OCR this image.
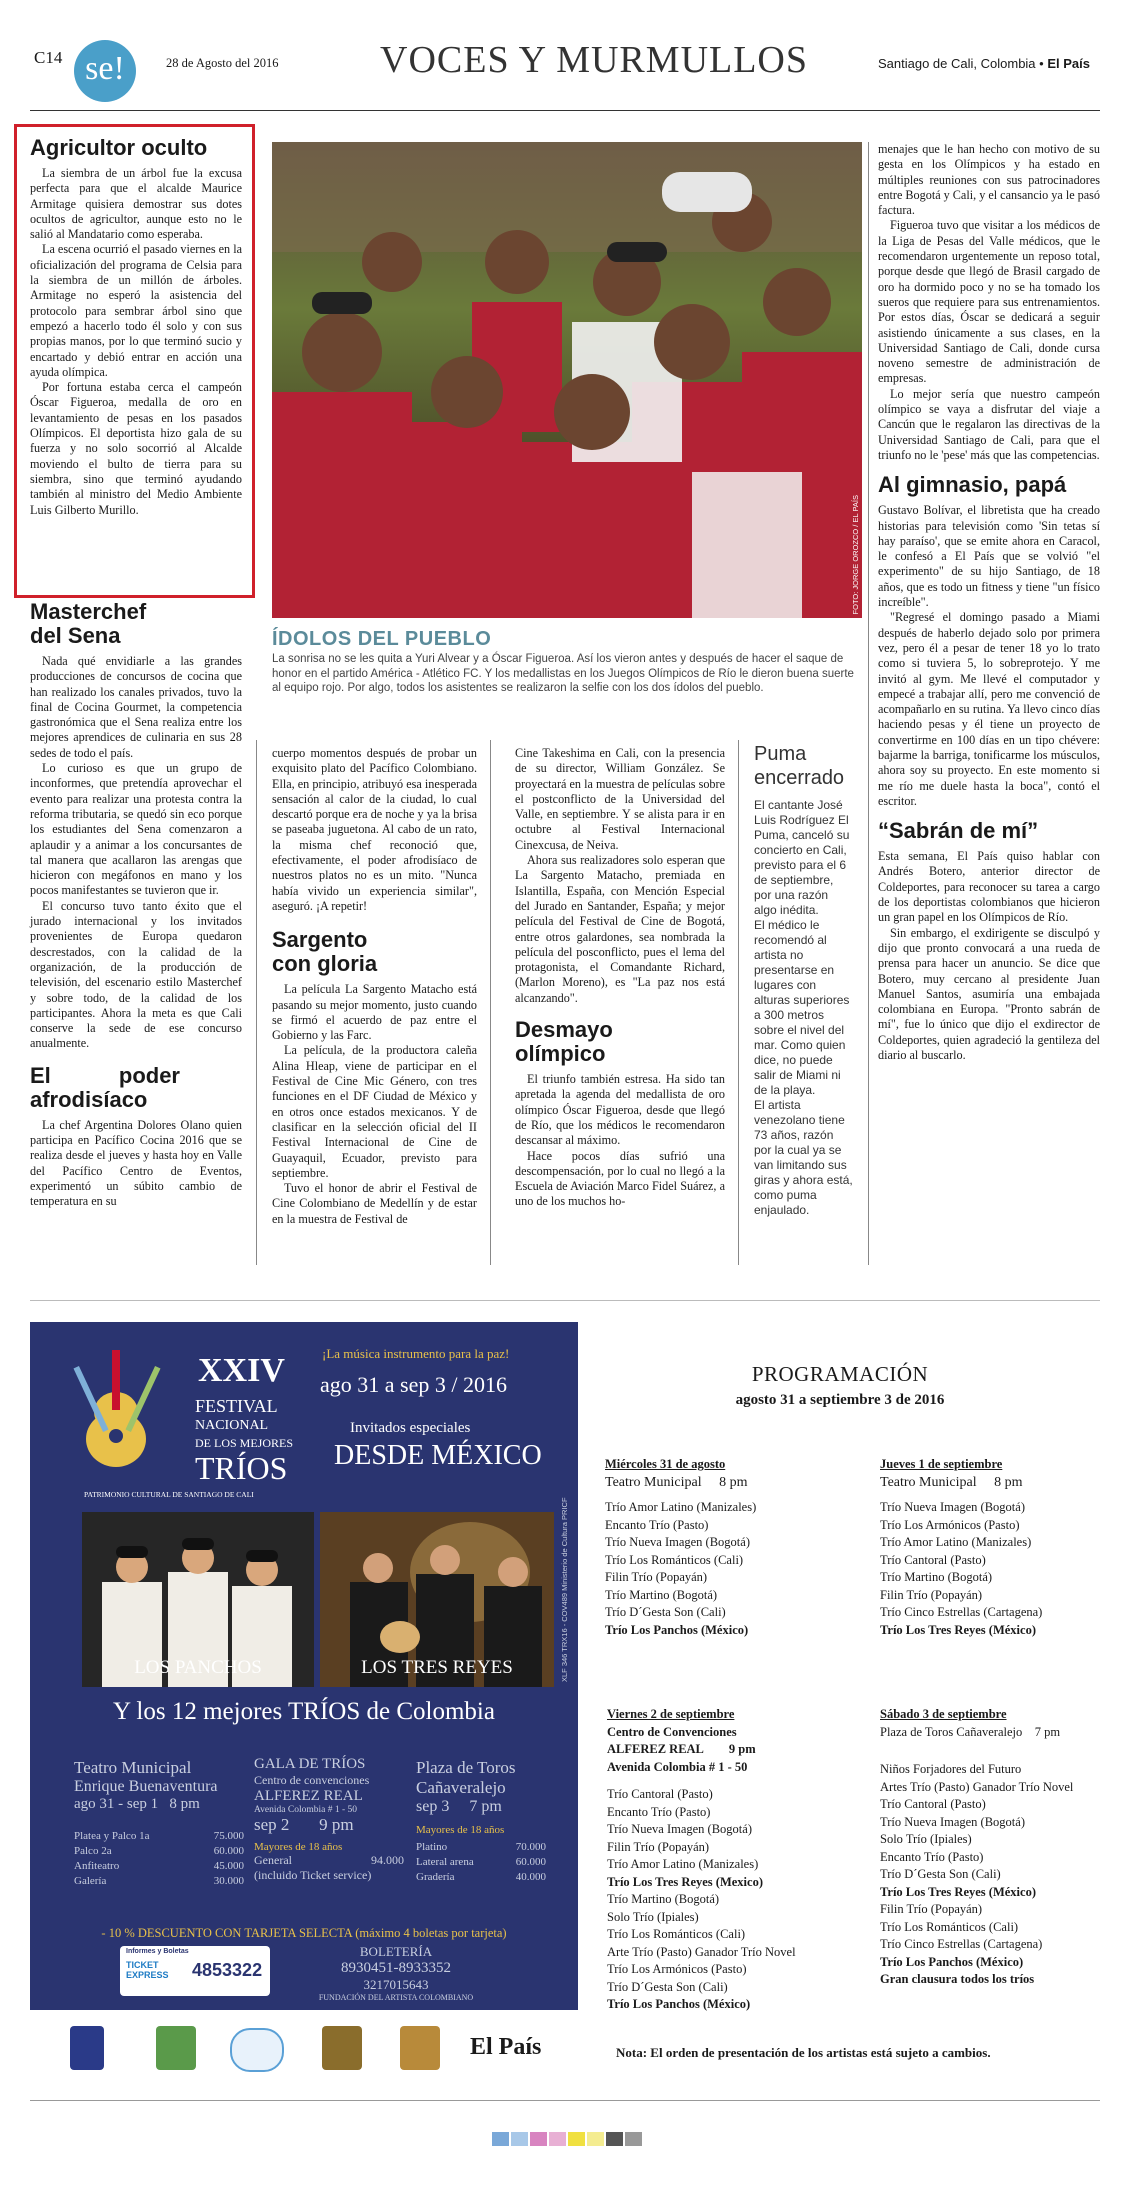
C14 se!	28 de Agosto del 2016	VOCES Y MURMULLOS	Santiago de Cali, Colombia • El País
Agricultor oculto

La siembra de un árbol fue la excusa perfecta para que el alcalde Maurice Armitage quisiera demostrar sus dotes ocultos de agricultor, aunque esto no le salió al Mandatario como esperaba.

La escena ocurrió el pasado viernes en la oficialización del programa de Celsia para la siembra de un millón de árboles. Armitage no esperó la asistencia del protocolo para sembrar árbol sino que empezó a hacerlo todo él solo y con sus propias manos, por lo que terminó sucio y encartado y debió entrar en acción una ayuda olímpica.

Por fortuna estaba cerca el campeón Óscar Figueroa, medalla de oro en levantamiento de pesas en los pasados Olímpicos. El deportista hizo gala de su fuerza y no solo socorrió al Alcalde moviendo el bulto de tierra para su siembra, sino que terminó ayudando también al ministro del Medio Ambiente Luis Gilberto Murillo.	FOTO: JORGE OROZCO / EL PAÍS
ÍDOLOS DEL PUEBLO
La sonrisa no se les quita a Yuri Alvear y a Óscar Figueroa. Así los vieron antes y después de hacer el saque de honor en el partido América - Atlético FC. Y los medallistas en los Juegos Olímpicos de Río le dieron buena suerte al equipo rojo. Por algo, todos los asistentes se realizaron la selfie con los dos ídolos del pueblo.
Masterchef del Sena

Nada qué envidiarle a las grandes producciones de concursos de cocina que han realizado los canales privados, tuvo la final de Cocina Gourmet, la competencia gastronómica que el Sena realiza entre los mejores aprendices de culinaria en sus 28 sedes de todo el país.

Lo curioso es que un grupo de inconformes, que pretendía aprovechar el evento para realizar una protesta contra la reforma tributaria, se quedó sin eco porque los estudiantes del Sena comenzaron a aplaudir y a animar a los concursantes de tal manera que acallaron las arengas que hicieron con megáfonos en mano y los pocos manifestantes se tuvieron que ir.

El concurso tuvo tanto éxito que el jurado internacional y los invitados provenientes de Europa quedaron descrestados, con la calidad de la organización, de la producción de televisión, del escenario estilo Masterchef y sobre todo, de la calidad de los participantes. Ahora la meta es que Cali conserve la sede de ese concurso anualmente.

El poder afrodisíaco

La chef Argentina Dolores Olano quien participa en Pacífico Cocina 2016 que se realiza desde el jueves y hasta hoy en Valle del Pacífico Centro de Eventos, experimentó un súbito cambio de temperatura en su

cuerpo momentos después de probar un exquisito plato del Pacífico Colombiano. Ella, en principio, atribuyó esa inesperada sensación al calor de la ciudad, lo cual descartó porque era de noche y ya la brisa se paseaba juguetona. Al cabo de un rato, la misma chef reconoció que, efectivamente, el poder afrodisíaco de nuestros platos no es un mito. "Nunca había vivido un experiencia similar", aseguró. ¡A repetir!

Sargento con gloria

La película La Sargento Matacho está pasando su mejor momento, justo cuando se firmó el acuerdo de paz entre el Gobierno y las Farc.

La película, de la productora caleña Alina Hleap, viene de participar en el Festival de Cine Mic Género, con tres funciones en el DF Ciudad de México y en otros once estados mexicanos. Y de clasificar en la selección oficial del II Festival Internacional de Cine de Guayaquil, Ecuador, previsto para septiembre.

Tuvo el honor de abrir el Festival de Cine Colombiano de Medellín y de estar en la muestra de Festival de

Cine Takeshima en Cali, con la presencia de su director, William González. Se proyectará en la muestra de películas sobre el postconflicto de la Universidad del Valle, en septiembre. Y se alista para ir en octubre al Festival Internacional Cinexcusa, de Neiva.

Ahora sus realizadores solo esperan que La Sargento Matacho, premiada en Islantilla, España, con Mención Especial del Jurado en Santander, España; y mejor película del Festival de Cine de Bogotá, entre otros galardones, sea nombrada la película del posconflicto, pues el lema del protagonista, el Comandante Richard, (Marlon Moreno), es "La paz nos está alcanzando".

Desmayo olímpico

El triunfo también estresa. Ha sido tan apretada la agenda del medallista de oro olímpico Óscar Figueroa, desde que llegó de Río, que los médicos le recomendaron descansar al máximo.

Hace pocos días sufrió una descompensación, por lo cual no llegó a la Escuela de Aviación Marco Fidel Suárez, a uno de los muchos ho-

Puma encerrado
El cantante José Luis Rodríguez El Puma, canceló su concierto en Cali, previsto para el 6 de septiembre, por una razón algo inédita.
El médico le recomendó al artista no presentarse en lugares con alturas superiores a 300 metros sobre el nivel del mar. Como quien dice, no puede salir de Miami ni de la playa.
El artista venezolano tiene 73 años, razón por la cual ya se van limitando sus giras y ahora está, como puma enjaulado.

menajes que le han hecho con motivo de su gesta en los Olímpicos y ha estado en múltiples reuniones con sus patrocinadores entre Bogotá y Cali, y el cansancio ya le pasó factura.

Figueroa tuvo que visitar a los médicos de la Liga de Pesas del Valle médicos, que le recomendaron urgentemente un reposo total, porque desde que llegó de Brasil cargado de oro ha dormido poco y no se ha tomado los sueros que requiere para sus entrenamientos. Por estos días, Óscar se dedicará a seguir asistiendo únicamente a sus clases, en la Universidad Santiago de Cali, donde cursa noveno semestre de administración de empresas.

Lo mejor sería que nuestro campeón olímpico se vaya a disfrutar del viaje a Cancún que le regalaron las directivas de la Universidad Santiago de Cali, para que el triunfo no le 'pese' más que las competencias.

Al gimnasio, papá

Gustavo Bolívar, el libretista que ha creado historias para televisión como 'Sin tetas sí hay paraíso', que se emite ahora en Caracol, le confesó a El País que se volvió "el experimento" de su hijo Santiago, de 18 años, que es todo un fitness y tiene "un físico increíble".

"Regresé el domingo pasado a Miami después de haberlo dejado solo por primera vez, pero él a pesar de tener 18 yo lo trato como si tuviera 5, lo sobreprotejo. Y me invitó al gym. Me llevé el computador y empecé a trabajar allí, pero me convenció de acompañarlo en su rutina. Ya llevo cinco días haciendo pesas y él tiene un proyecto de convertirme en 100 días en un tipo chévere: bajarme la barriga, tonificarme los músculos, ahora soy su proyecto. En este momento si me río me duele hasta la boca", contó el escritor.

“Sabrán de mí”

Esta semana, El País quiso hablar con Andrés Botero, anterior director de Coldeportes, para reconocer su tarea a cargo de los deportistas colombianos que hicieron un gran papel en los Olímpicos de Río.

Sin embargo, el exdirigente se disculpó y dijo que pronto convocará a una rueda de prensa para hacer un anuncio. Se dice que Botero, muy cercano al presidente Juan Manuel Santos, asumiría una embajada colombiana en Europa. "Pronto sabrán de mí", fue lo único que dijo el exdirector de Coldeportes, quien agradeció la gentileza del diario al buscarlo.

XXIV
FESTIVAL
NACIONAL
DE LOS MEJORES
TRÍOS
PATRIMONIO CULTURAL DE SANTIAGO DE CALI
¡La música instrumento para la paz!
ago 31 a sep 3 / 2016
Invitados especiales
DESDE MÉXICO
XLF 346 TRX16 - COV489 Ministerio de Cultura PRICF
LOS PANCHOS	LOS TRES REYES
Y los 12 mejores TRÍOS de Colombia
Teatro Municipal
Enrique Buenaventura
ago 31 - sep 1   8 pm
Platea y Palco 1a	75.000
Palco 2a	60.000
Anfiteatro	45.000
Galería	30.000
GALA DE TRÍOS
Centro de convenciones
ALFEREZ REAL
Avenida Colombia # 1 - 50
sep 2       9 pm
Mayores de 18 años
General	94.000
(incluido Ticket service)
Plaza de Toros
Cañaveralejo
sep 3     7 pm
Mayores de 18 años
Platino	70.000
Lateral arena	60.000
Gradería	40.000
- 10 % DESCUENTO CON TARJETA SELECTA (máximo 4 boletas por tarjeta)
Informes y Boletas
TICKET EXPRESS	4853322
BOLETERÍA
8930451-8933352
3217015643
FUNDACIÓN DEL ARTISTA COLOMBIANO
El País
PROGRAMACIÓN
agosto 31 a septiembre 3 de 2016
Miércoles 31 de agosto
Teatro Municipal 8 pm
Trío Amor Latino (Manizales)
Encanto Trío (Pasto)
Trío Nueva Imagen (Bogotá)
Trío Los Románticos (Cali)
Filin Trío (Popayán)
Trío Martino (Bogotá)
Trío D´Gesta Son (Cali)
Trío Los Panchos (México)
Jueves 1 de septiembre
Teatro Municipal 8 pm
Trío Nueva Imagen (Bogotá)
Trío Los Armónicos (Pasto)
Trío Amor Latino (Manizales)
Trío Cantoral (Pasto)
Trío Martino (Bogotá)
Filin Trío (Popayán)
Trío Cinco Estrellas (Cartagena)
Trío Los Tres Reyes (México)
Viernes 2 de septiembre
Centro de Convenciones
ALFEREZ REAL 9 pm
Avenida Colombia # 1 - 50
Trío Cantoral (Pasto)
Encanto Trío (Pasto)
Trío Nueva Imagen (Bogotá)
Filin Trío (Popayán)
Trío Amor Latino (Manizales)
Trío Los Tres Reyes (Mexico)
Trío Martino (Bogotá)
Solo Trío (Ipiales)
Trío Los Románticos (Cali)
Arte Trío (Pasto) Ganador Trío Novel
Trío Los Armónicos (Pasto)
Trío D´Gesta Son (Cali)
Trío Los Panchos (México)
Sábado 3 de septiembre
Plaza de Toros Cañaveralejo 7 pm
Niños Forjadores del Futuro
Artes Trío (Pasto) Ganador Trío Novel
Trío Cantoral (Pasto)
Trío Nueva Imagen (Bogotá)
Solo Trío (Ipiales)
Encanto Trío (Pasto)
Trío D´Gesta Son (Cali)
Trío Los Tres Reyes (México)
Filin Trío (Popayán)
Trío Los Románticos (Cali)
Trío Cinco Estrellas (Cartagena)
Trío Los Panchos (México)
Gran clausura todos los tríos
Nota: El orden de presentación de los artistas está sujeto a cambios.
